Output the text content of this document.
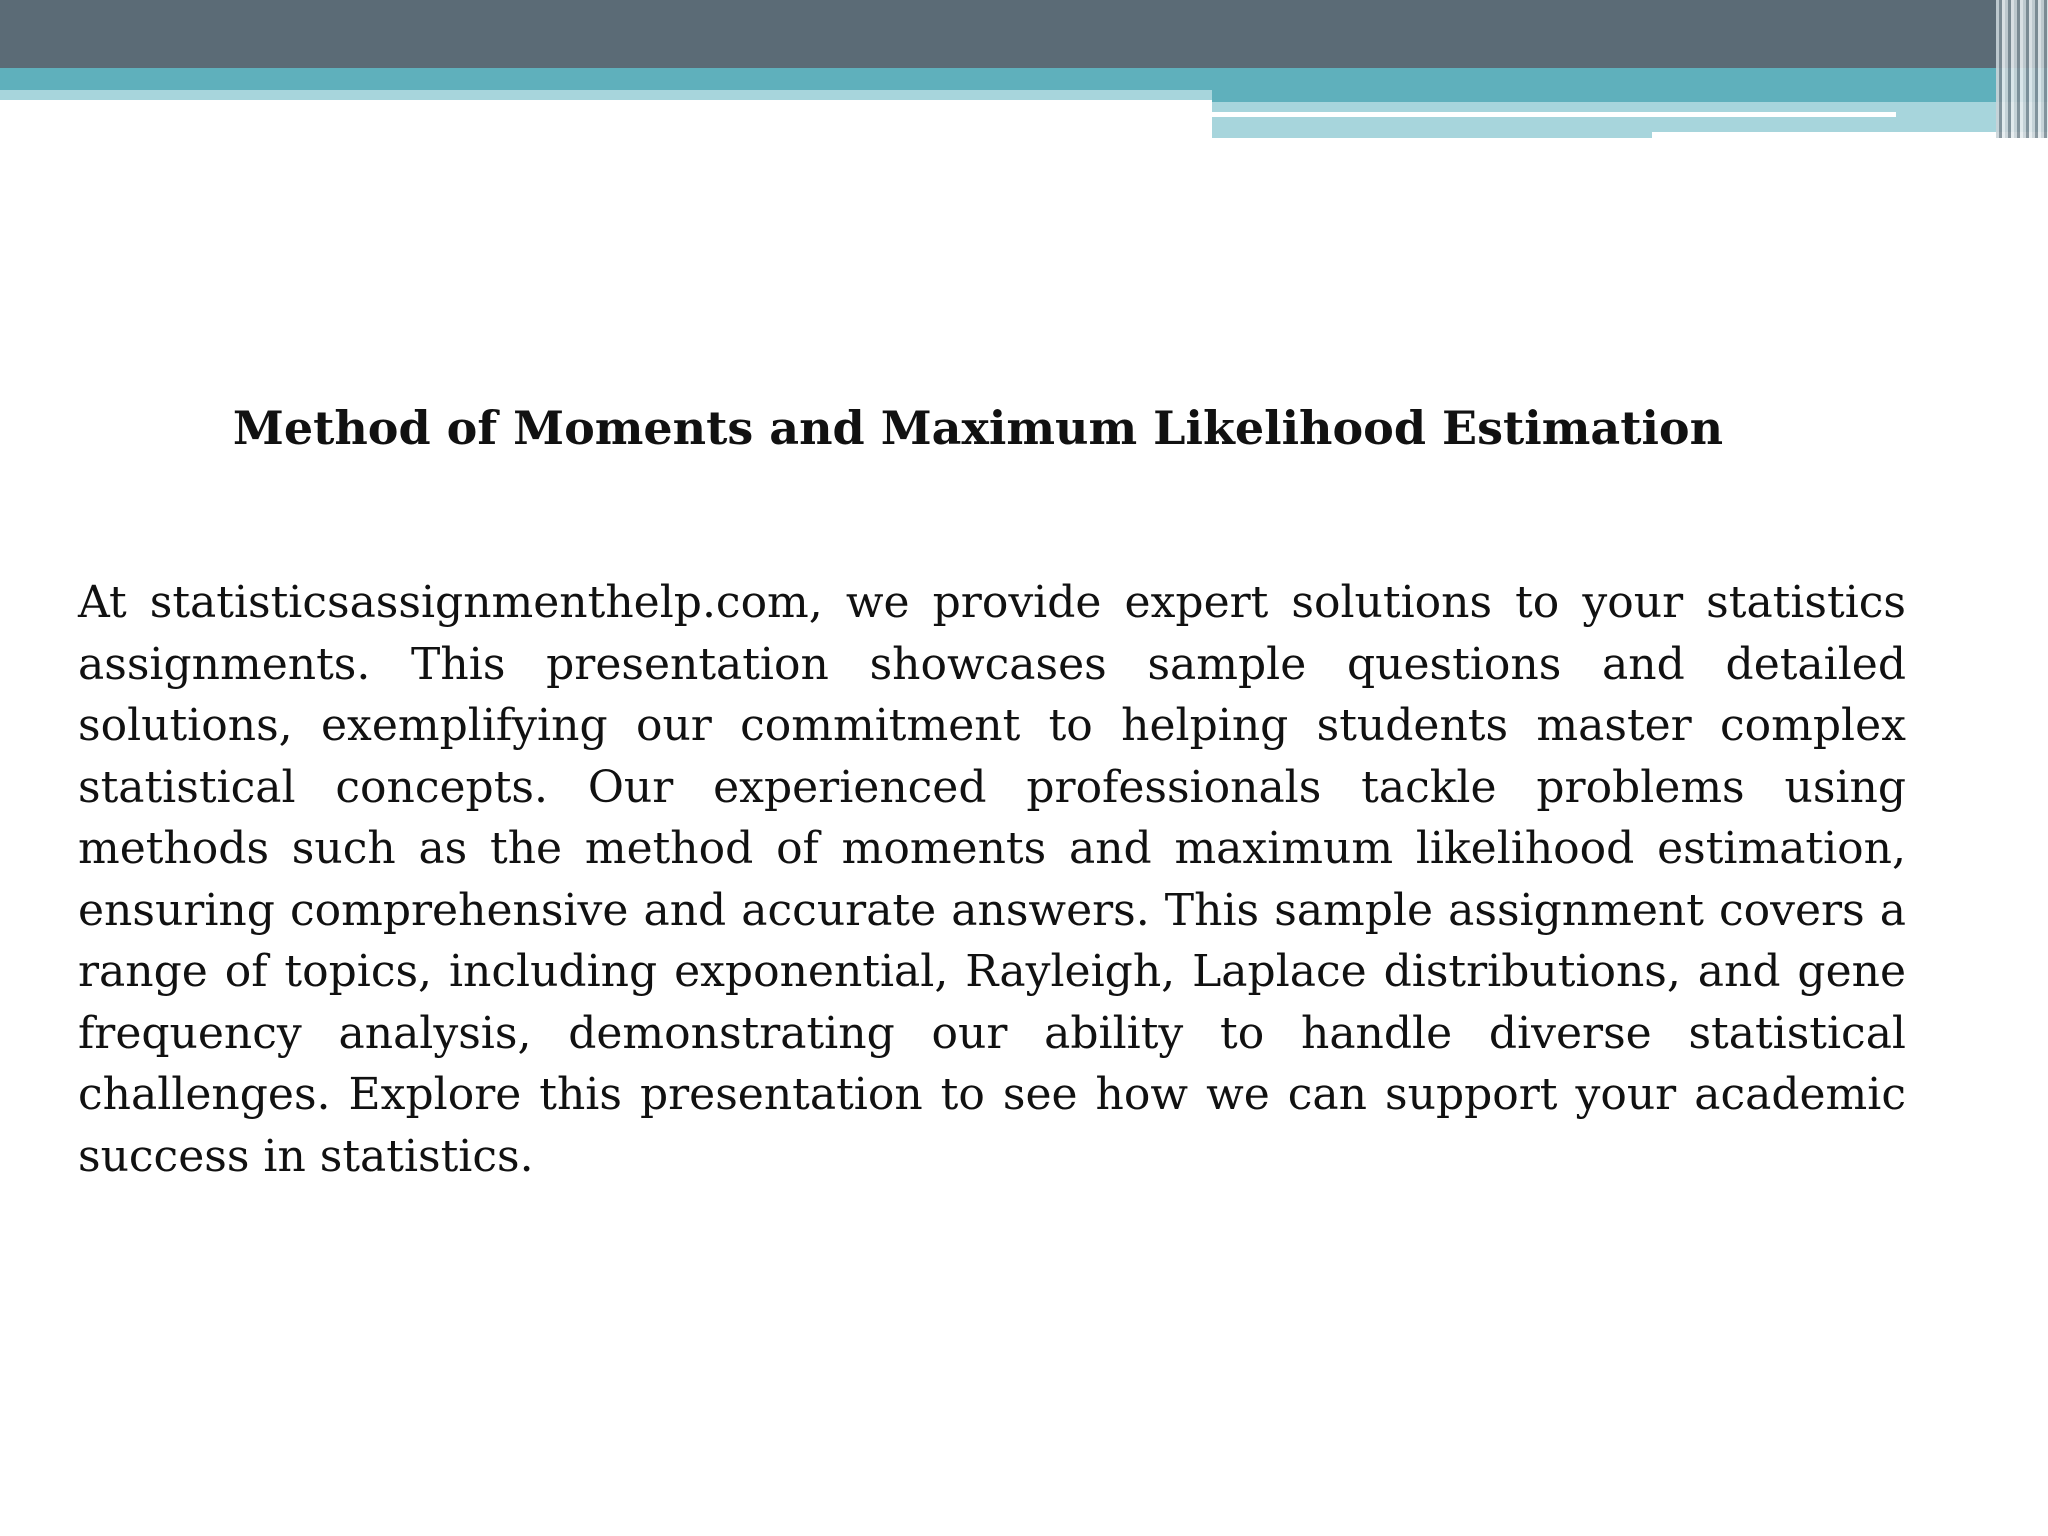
Method of Moments and Maximum Likelihood Estimation

At statisticsassignmenthelp.com, we provide expert solutions to your statistics assignments. This presentation showcases sample questions and detailed solutions, exemplifying our commitment to helping students master complex statistical concepts. Our experienced professionals tackle problems using methods such as the method of moments and maximum likelihood estimation, ensuring comprehensive and accurate answers. This sample assignment covers a range of topics, including exponential, Rayleigh, Laplace distributions, and gene frequency analysis, demonstrating our ability to handle diverse statistical challenges. Explore this presentation to see how we can support your academic success in statistics.
